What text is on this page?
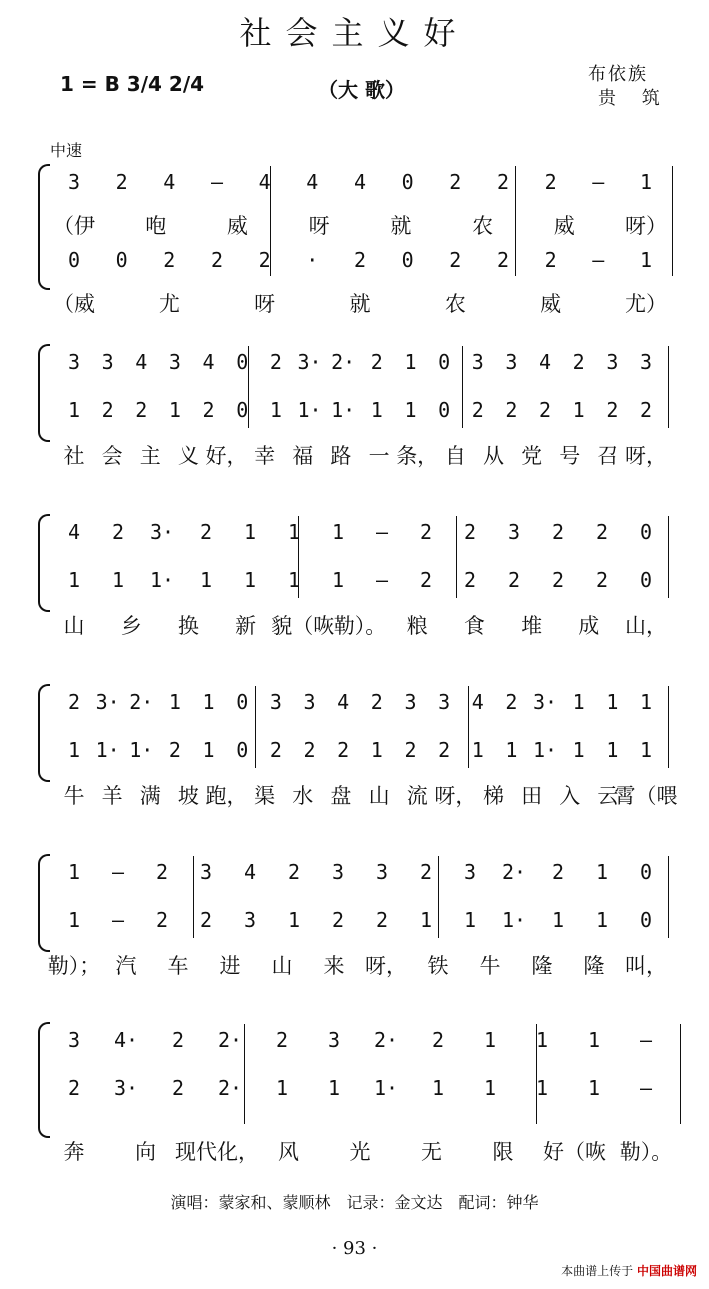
社会主义好
1 = B 3/4 2/4	（大 歌）
布依族
贵 筑
中速
3 2 4 — 4 4 4 0 2 2 2 — 1
（伊 咆	威	呀	就	农	威 呀）
0 0 2 2 2 · 2 0 2 2 2 — 1
（威	尤	呀	就	农	威	尤）
3 3 4 3 4 0 2 3· 2· 2 1 0 3 3 4 2 3 3
1 2 2 1 2 0 1 1· 1· 1 1 0 2 2 2 1 2 2
社 会 主 义 好， 幸 福 路 一 条， 自 从 党 号 召 呀，
4 2 3· 2 1 1 1 — 2 2 3 2 2 0
1 1 1· 1 1 1 1 — 2 2 2 2 2 0
山 乡 换 新 貌（咴 勒）。 粮 食 堆 成 山，
2 3· 2· 1 1 0 3 3 4 2 3 3 4 2 3· 1 1 1
1 1· 1· 2 1 0 2 2 2 1 2 2 1 1 1· 1 1 1
牛 羊 满 坡 跑， 渠 水 盘 山 流 呀， 梯 田 入 云
霄（喂
1 — 2 3 4 2 3 3 2 3 2· 2 1 0
1 — 2 2 3 1 2 2 1 1 1· 1 1 0
勒）； 汽 车 进 山 来 呀， 铁 牛 隆 隆 叫，
3 4· 2 2· 2 3 2· 2 1 1 1 —
2 3· 2 2· 1 1 1· 1 1 1 1 —
奔 向 现代化， 风 光 无 限 好（咴 勒）。
演唱：蒙家和、蒙顺林　记录：金文达　配词：钟华
· 93 ·
本曲谱上传于 中国曲谱网
